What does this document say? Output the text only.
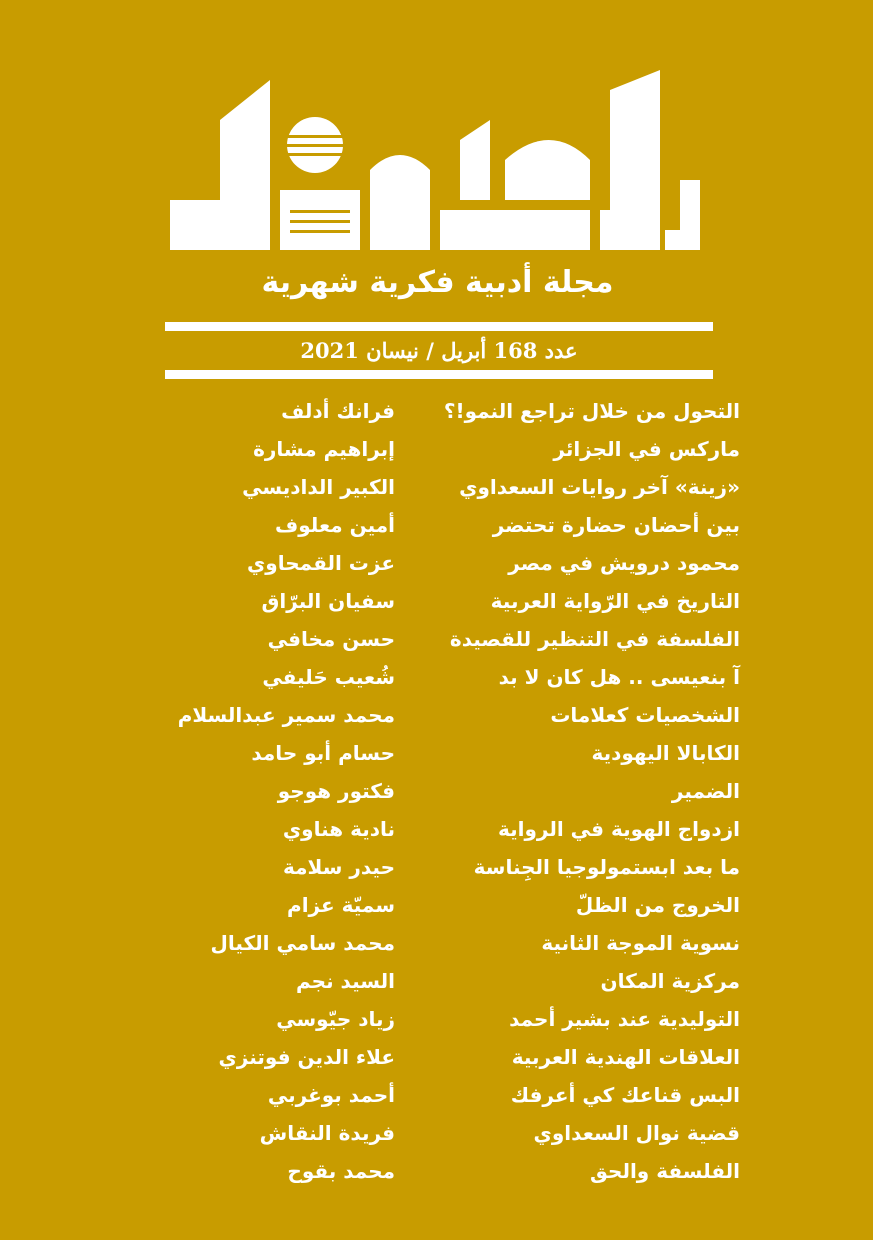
مجلة أدبية فكرية شهرية
عدد 168 أبريل / نيسان 2021
التحول من خلال تراجع النمو!؟
فرانك أدلف
ماركس في الجزائر
إبراهيم مشارة
«زينة» آخر روايات السعداوي
الكبير الداديسي
بين أحضان حضارة تحتضر
أمين معلوف
محمود درويش في مصر
عزت القمحاوي
التاريخ في الرّواية العربية
سفيان البرّاق
الفلسفة في التنظير للقصيدة
حسن مخافي
آ بنعيسى .. هل كان لا بد
شُعيب حَليفي
الشخصيات كعلامات
محمد سمير عبدالسلام
الكابالا اليهودية
حسام أبو حامد
الضمير
فكتور هوجو
ازدواج الهوية في الرواية
نادية هناوي
ما بعد ابستمولوجيا الجِناسة
حيدر سلامة
الخروج من الظلّ
سميّة عزام
نسوية الموجة الثانية
محمد سامي الكيال
مركزية المكان
السيد نجم
التوليدية عند بشير أحمد
زياد جيّوسي
العلاقات الهندية العربية
علاء الدين فوتنزي
البس قناعك كي أعرفك
أحمد بوغربي
قضية نوال السعداوي
فريدة النقاش
الفلسفة والحق
محمد بقوح
